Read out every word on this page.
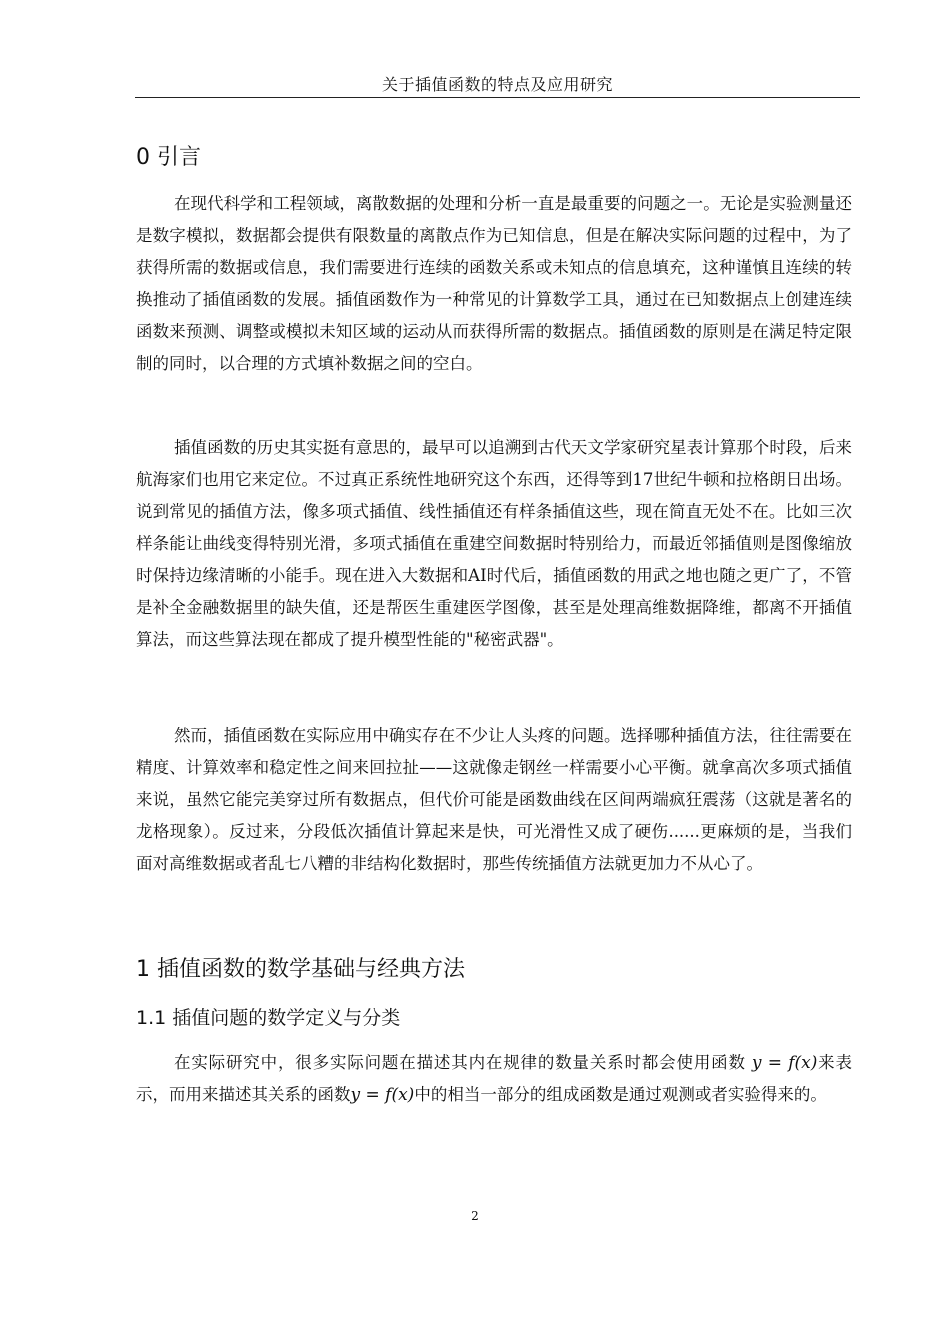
关于插值函数的特点及应用研究
0 引言

在现代科学和工程领域，离散数据的处理和分析一直是最重要的问题之一。无论是实验测量还是数字模拟，数据都会提供有限数量的离散点作为已知信息，但是在解决实际问题的过程中，为了获得所需的数据或信息，我们需要进行连续的函数关系或未知点的信息填充，这种谨慎且连续的转换推动了插值函数的发展。插值函数作为一种常见的计算数学工具，通过在已知数据点上创建连续函数来预测、调整或模拟未知区域的运动从而获得所需的数据点。插值函数的原则是在满足特定限制的同时，以合理的方式填补数据之间的空白。

插值函数的历史其实挺有意思的，最早可以追溯到古代天文学家研究星表计算那个时段，后来航海家们也用它来定位。不过真正系统性地研究这个东西，还得等到17世纪牛顿和拉格朗日出场。说到常见的插值方法，像多项式插值、线性插值还有样条插值这些，现在简直无处不在。比如三次样条能让曲线变得特别光滑，多项式插值在重建空间数据时特别给力，而最近邻插值则是图像缩放时保持边缘清晰的小能手。现在进入大数据和AI时代后，插值函数的用武之地也随之更广了，不管是补全金融数据里的缺失值，还是帮医生重建医学图像，甚至是处理高维数据降维，都离不开插值算法，而这些算法现在都成了提升模型性能的"秘密武器"。

然而，插值函数在实际应用中确实存在不少让人头疼的问题。选择哪种插值方法，往往需要在精度、计算效率和稳定性之间来回拉扯——这就像走钢丝一样需要小心平衡。就拿高次多项式插值来说，虽然它能完美穿过所有数据点，但代价可能是函数曲线在区间两端疯狂震荡（这就是著名的龙格现象）。反过来，分段低次插值计算起来是快，可光滑性又成了硬伤......更麻烦的是，当我们面对高维数据或者乱七八糟的非结构化数据时，那些传统插值方法就更加力不从心了。

1 插值函数的数学基础与经典方法
1.1 插值问题的数学定义与分类

在实际研究中，很多实际问题在描述其内在规律的数量关系时都会使用函数 y = f(x)来表示，而用来描述其关系的函数y = f(x)中的相当一部分的组成函数是通过观测或者实验得来的。

2
